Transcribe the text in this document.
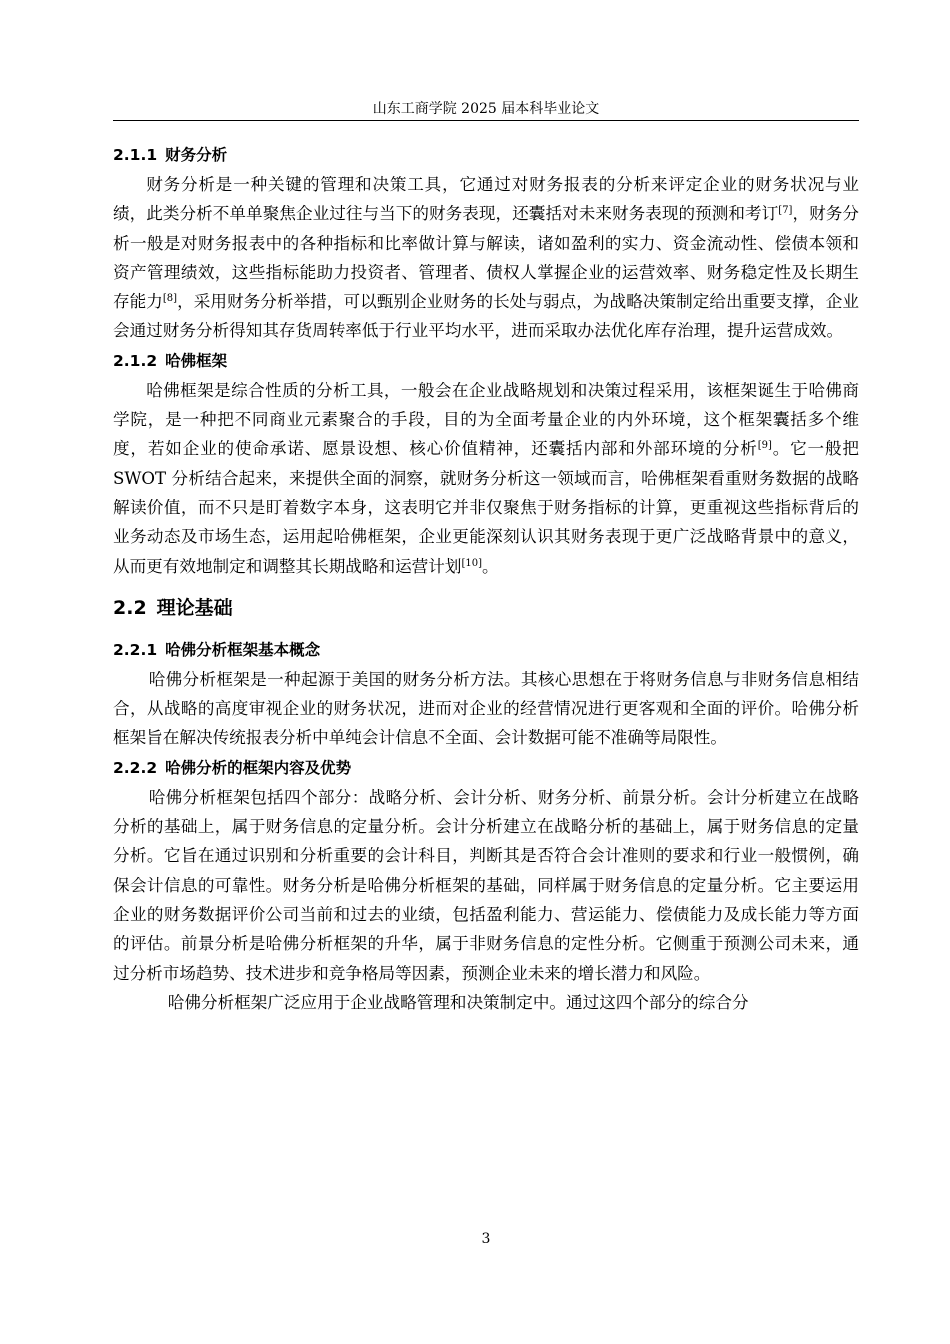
山东工商学院 2025 届本科毕业论文
2.1.1 财务分析

财务分析是一种关键的管理和决策工具，它通过对财务报表的分析来评定企业的财务状况与业绩，此类分析不单单聚焦企业过往与当下的财务表现，还囊括对未来财务表现的预测和考订[7]，财务分析一般是对财务报表中的各种指标和比率做计算与解读，诸如盈利的实力、资金流动性、偿债本领和资产管理绩效，这些指标能助力投资者、管理者、债权人掌握企业的运营效率、财务稳定性及长期生存能力[8]，采用财务分析举措，可以甄别企业财务的长处与弱点，为战略决策制定给出重要支撑，企业会通过财务分析得知其存货周转率低于行业平均水平，进而采取办法优化库存治理，提升运营成效。

2.1.2 哈佛框架

哈佛框架是综合性质的分析工具，一般会在企业战略规划和决策过程采用，该框架诞生于哈佛商学院，是一种把不同商业元素聚合的手段，目的为全面考量企业的内外环境，这个框架囊括多个维度，若如企业的使命承诺、愿景设想、核心价值精神，还囊括内部和外部环境的分析[9]。它一般把 SWOT 分析结合起来，来提供全面的洞察，就财务分析这一领域而言，哈佛框架看重财务数据的战略解读价值，而不只是盯着数字本身，这表明它并非仅聚焦于财务指标的计算，更重视这些指标背后的业务动态及市场生态，运用起哈佛框架，企业更能深刻认识其财务表现于更广泛战略背景中的意义，从而更有效地制定和调整其长期战略和运营计划[10]。

2.2 理论基础
2.2.1 哈佛分析框架基本概念

哈佛分析框架是一种起源于美国的财务分析方法。其核心思想在于将财务信息与非财务信息相结合，从战略的高度审视企业的财务状况，进而对企业的经营情况进行更客观和全面的评价。哈佛分析框架旨在解决传统报表分析中单纯会计信息不全面、会计数据可能不准确等局限性。

2.2.2 哈佛分析的框架内容及优势

哈佛分析框架包括四个部分：战略分析、会计分析、财务分析、前景分析。会计分析建立在战略分析的基础上，属于财务信息的定量分析。会计分析建立在战略分析的基础上，属于财务信息的定量分析。它旨在通过识别和分析重要的会计科目，判断其是否符合会计准则的要求和行业一般惯例，确保会计信息的可靠性。财务分析是哈佛分析框架的基础，同样属于财务信息的定量分析。它主要运用企业的财务数据评价公司当前和过去的业绩，包括盈利能力、营运能力、偿债能力及成长能力等方面的评估。前景分析是哈佛分析框架的升华，属于非财务信息的定性分析。它侧重于预测公司未来，通过分析市场趋势、技术进步和竞争格局等因素，预测企业未来的增长潜力和风险。

哈佛分析框架广泛应用于企业战略管理和决策制定中。通过这四个部分的综合分

3
